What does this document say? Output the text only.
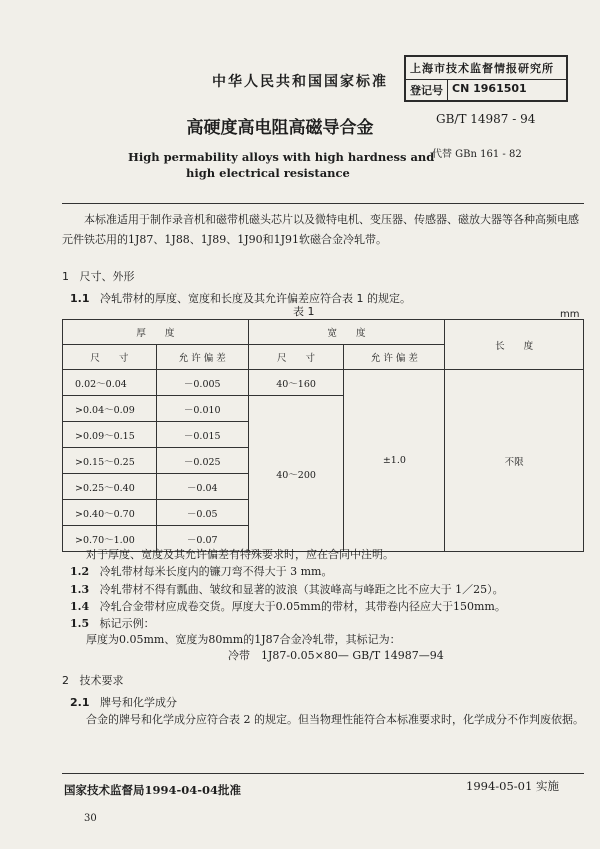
中华人民共和国国家标准
上海市技术监督情报研究所
登记号 CN 1961501
高硬度高电阻高磁导合金	GB/T 14987 - 94
High permability alloys with high hardness and
high electrical resistance
代替 GBn 161 - 82
本标准适用于制作录音机和磁带机磁头芯片以及微特电机、变压器、传感器、磁放大器等各种高频电感元件铁芯用的1J87、1J88、1J89、1J90和1J91软磁合金冷轧带。
1 尺寸、外形
1.1 冷轧带材的厚度、宽度和长度及其允许偏差应符合表 1 的规定。
表 1	mm
厚　　度		宽　　度		长　　度
尺　　寸	允 许 偏 差	尺　　寸	允 许 偏 差	
0.02～0.04	－0.005	40～160	±1.0	不限
>0.04～0.09	－0.010	40～200		
>0.09～0.15	－0.015			
>0.15～0.25	－0.025			
>0.25～0.40	－0.04			
>0.40～0.70	－0.05			
>0.70～1.00	－0.07			
对于厚度、宽度及其允许偏差有特殊要求时，应在合同中注明。
1.2 冷轧带材每米长度内的镰刀弯不得大于 3 mm。
1.3 冷轧带材不得有瓢曲、皱纹和显著的波浪（其波峰高与峰距之比不应大于 1／25）。
1.4 冷轧合金带材应成卷交货。厚度大于0.05mm的带材，其带卷内径应大于150mm。
1.5 标记示例：
厚度为0.05mm、宽度为80mm的1J87合金冷轧带，其标记为：
冷带　1J87-0.05×80— GB/T 14987—94
2 技术要求
2.1 牌号和化学成分
合金的牌号和化学成分应符合表 2 的规定。但当物理性能符合本标准要求时，化学成分不作判废依据。
国家技术监督局1994-04-04批准	1994-05-01 实施
30
